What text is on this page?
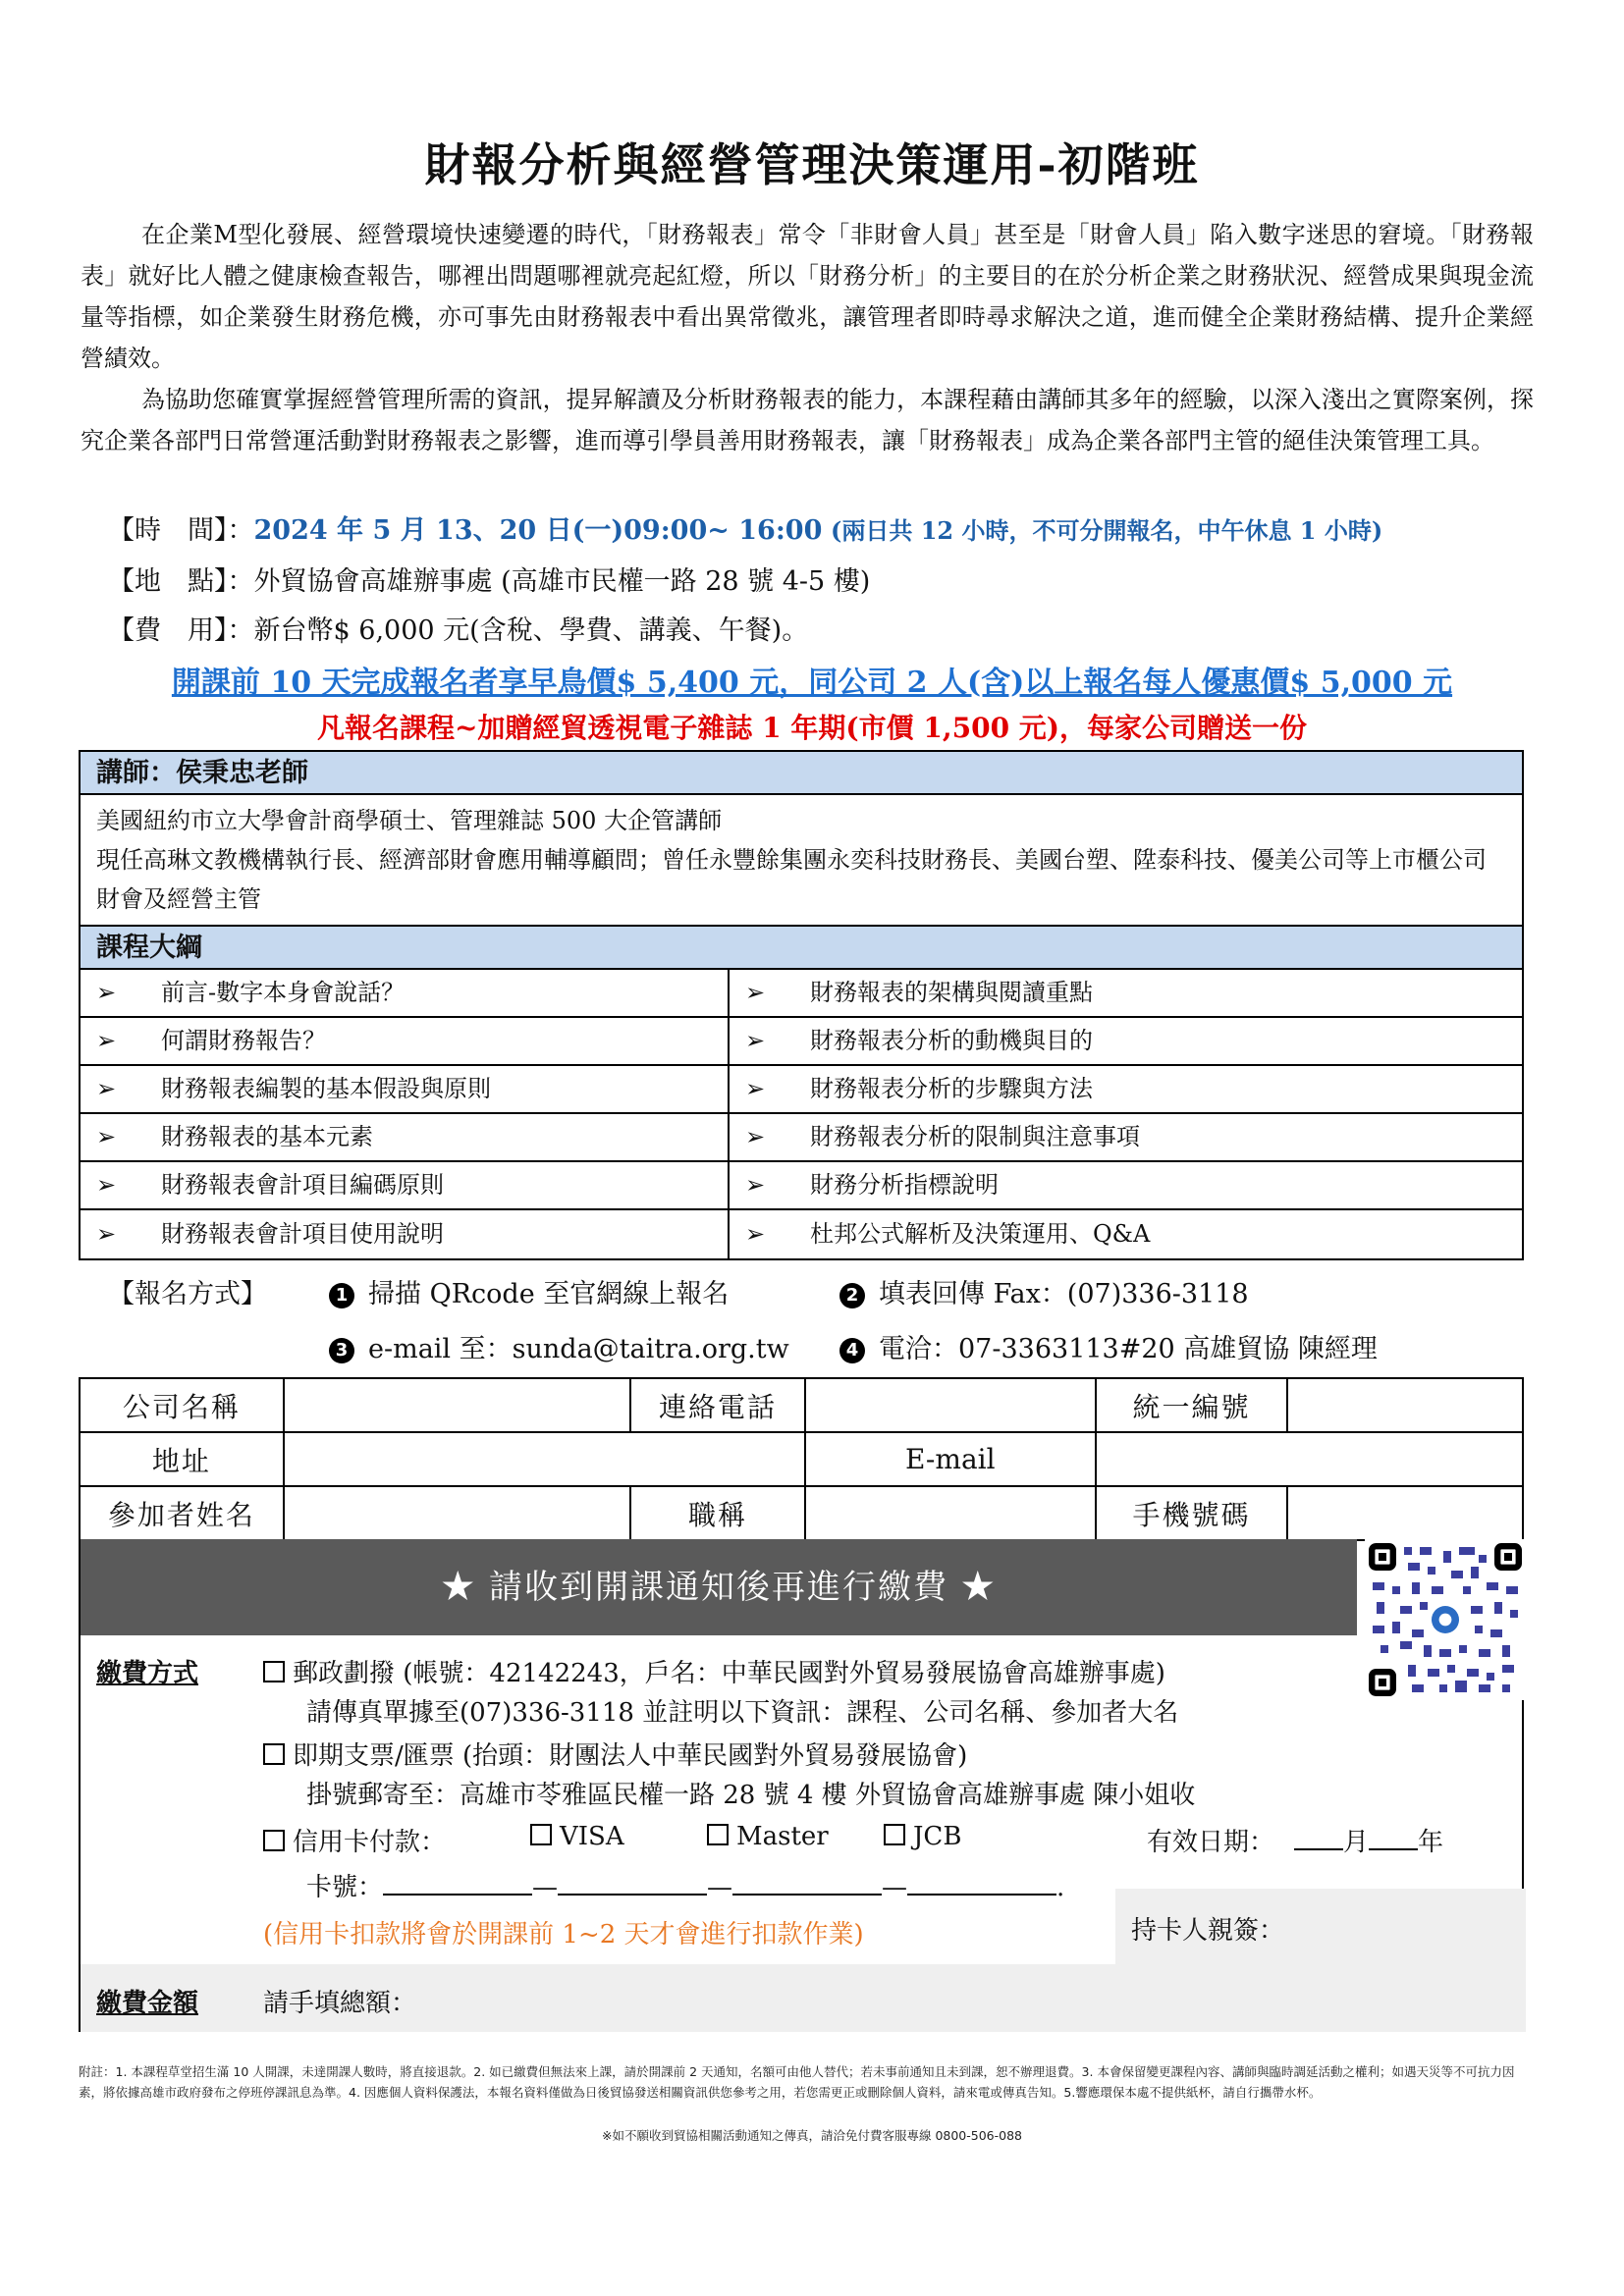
財報分析與經營管理決策運用-初階班
在企業M型化發展、經營環境快速變遷的時代，「財務報表」常令「非財會人員」甚至是「財會人員」陷入數字迷思的窘境。「財務報表」就好比人體之健康檢查報告，哪裡出問題哪裡就亮起紅燈，所以「財務分析」的主要目的在於分析企業之財務狀況、經營成果與現金流量等指標，如企業發生財務危機，亦可事先由財務報表中看出異常徵兆，讓管理者即時尋求解決之道，進而健全企業財務結構、提升企業經營績效。
為協助您確實掌握經營管理所需的資訊，提昇解讀及分析財務報表的能力，本課程藉由講師其多年的經驗，以深入淺出之實際案例，探究企業各部門日常營運活動對財務報表之影響，進而導引學員善用財務報表，讓「財務報表」成為企業各部門主管的絕佳決策管理工具。
【時　間】：2024 年 5 月 13、20 日(一)09:00~ 16:00 (兩日共 12 小時，不可分開報名，中午休息 1 小時)
【地　點】：外貿協會高雄辦事處 (高雄市民權一路 28 號 4-5 樓)
【費　用】：新台幣$ 6,000 元(含稅、學費、講義、午餐)。
開課前 10 天完成報名者享早鳥價$ 5,400 元，同公司 2 人(含)以上報名每人優惠價$ 5,000 元
凡報名課程~加贈經貿透視電子雜誌 1 年期(市價 1,500 元)，每家公司贈送一份
講師：侯秉忠老師
美國紐約市立大學會計商學碩士、管理雜誌 500 大企管講師
現任高琳文教機構執行長、經濟部財會應用輔導顧問；曾任永豐餘集團永奕科技財務長、美國台塑、陞泰科技、優美公司等上市櫃公司財會及經營主管
課程大綱
➢	前言-數字本身會說話？	➢	財務報表的架構與閱讀重點
➢	何謂財務報告？	➢	財務報表分析的動機與目的
➢	財務報表編製的基本假設與原則	➢	財務報表分析的步驟與方法
➢	財務報表的基本元素	➢	財務報表分析的限制與注意事項
➢	財務報表會計項目編碼原則	➢	財務分析指標說明
➢	財務報表會計項目使用說明	➢	杜邦公式解析及決策運用、Q&A
【報名方式】	1 掃描 QRcode 至官網線上報名	2 填表回傳 Fax：(07)336-3118
3 e-mail 至：sunda@taitra.org.tw	4 電洽：07-3363113#20 高雄貿協 陳經理
公司名稱		連絡電話		統一編號	
地址			E-mail		
參加者姓名		職稱		手機號碼	
★ 請收到開課通知後再進行繳費 ★
繳費方式	郵政劃撥 (帳號：42142243，戶名：中華民國對外貿易發展協會高雄辦事處)
請傳真單據至(07)336-3118 並註明以下資訊：課程、公司名稱、參加者大名
即期支票/匯票 (抬頭：財團法人中華民國對外貿易發展協會)
掛號郵寄至：高雄市苓雅區民權一路 28 號 4 樓 外貿協會高雄辦事處 陳小姐收
信用卡付款：	VISA	Master	JCB	有效日期：	月 年
卡號：	—	—	—	.
持卡人親簽：
(信用卡扣款將會於開課前 1~2 天才會進行扣款作業)
繳費金額	請手填總額：
附註：1. 本課程草堂招生滿 10 人開課，未達開課人數時，將直接退款。2. 如已繳費但無法來上課，請於開課前 2 天通知，名額可由他人替代；若未事前通知且未到課，恕不辦理退費。3. 本會保留變更課程內容、講師與臨時調延活動之權利；如遇天災等不可抗力因素，將依據高雄市政府發布之停班停課訊息為準。4. 因應個人資料保護法，本報名資料僅做為日後貿協發送相關資訊供您參考之用，若您需更正或刪除個人資料，請來電或傳真告知。5.響應環保本處不提供紙杯，請自行攜帶水杯。
※如不願收到貿協相關活動通知之傳真，請洽免付費客服專線 0800-506-088
